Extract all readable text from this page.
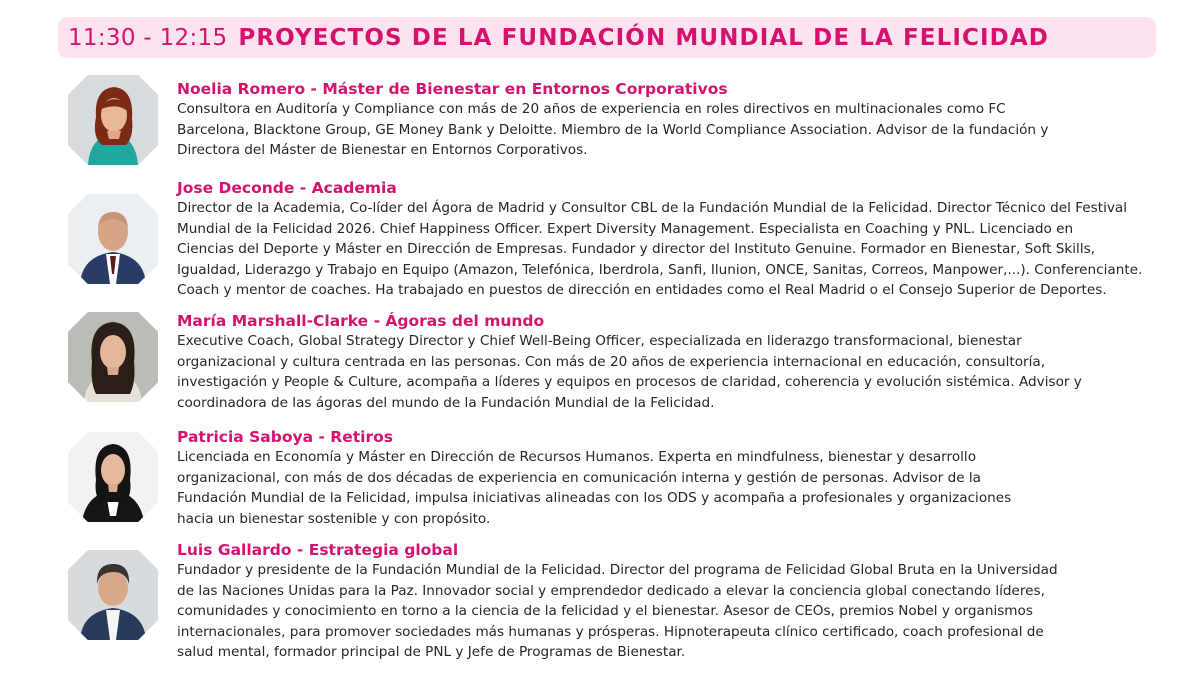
11:30 - 12:15 PROYECTOS DE LA FUNDACIÓN MUNDIAL DE LA FELICIDAD
Noelia Romero - Máster de Bienestar en Entornos Corporativos
Consultora en Auditoría y Compliance con más de 20 años de experiencia en roles directivos en multinacionales como FC
Barcelona, Blacktone Group, GE Money Bank y Deloitte. Miembro de la World Compliance Association. Advisor de la fundación y
Directora del Máster de Bienestar en Entornos Corporativos.
Jose Deconde - Academia
Director de la Academia, Co-líder del Ágora de Madrid y Consultor CBL de la Fundación Mundial de la Felicidad. Director Técnico del Festival
Mundial de la Felicidad 2026. Chief Happiness Officer. Expert Diversity Management. Especialista en Coaching y PNL. Licenciado en
Ciencias del Deporte y Máster en Dirección de Empresas. Fundador y director del Instituto Genuine. Formador en Bienestar, Soft Skills,
Igualdad, Liderazgo y Trabajo en Equipo (Amazon, Telefónica, Iberdrola, Sanfi, Ilunion, ONCE, Sanitas, Correos, Manpower,...). Conferenciante.
Coach y mentor de coaches. Ha trabajado en puestos de dirección en entidades como el Real Madrid o el Consejo Superior de Deportes.
María Marshall-Clarke - Ágoras del mundo
Executive Coach, Global Strategy Director y Chief Well-Being Officer, especializada en liderazgo transformacional, bienestar
organizacional y cultura centrada en las personas. Con más de 20 años de experiencia internacional en educación, consultoría,
investigación y People & Culture, acompaña a líderes y equipos en procesos de claridad, coherencia y evolución sistémica. Advisor y
coordinadora de las ágoras del mundo de la Fundación Mundial de la Felicidad.
Patricia Saboya - Retiros
Licenciada en Economía y Máster en Dirección de Recursos Humanos. Experta en mindfulness, bienestar y desarrollo
organizacional, con más de dos décadas de experiencia en comunicación interna y gestión de personas. Advisor de la
Fundación Mundial de la Felicidad, impulsa iniciativas alineadas con los ODS y acompaña a profesionales y organizaciones
hacia un bienestar sostenible y con propósito.
Luis Gallardo - Estrategia global
Fundador y presidente de la Fundación Mundial de la Felicidad. Director del programa de Felicidad Global Bruta en la Universidad
de las Naciones Unidas para la Paz. Innovador social y emprendedor dedicado a elevar la conciencia global conectando líderes,
comunidades y conocimiento en torno a la ciencia de la felicidad y el bienestar. Asesor de CEOs, premios Nobel y organismos
internacionales, para promover sociedades más humanas y prósperas. Hipnoterapeuta clínico certificado, coach profesional de
salud mental, formador principal de PNL y Jefe de Programas de Bienestar.
